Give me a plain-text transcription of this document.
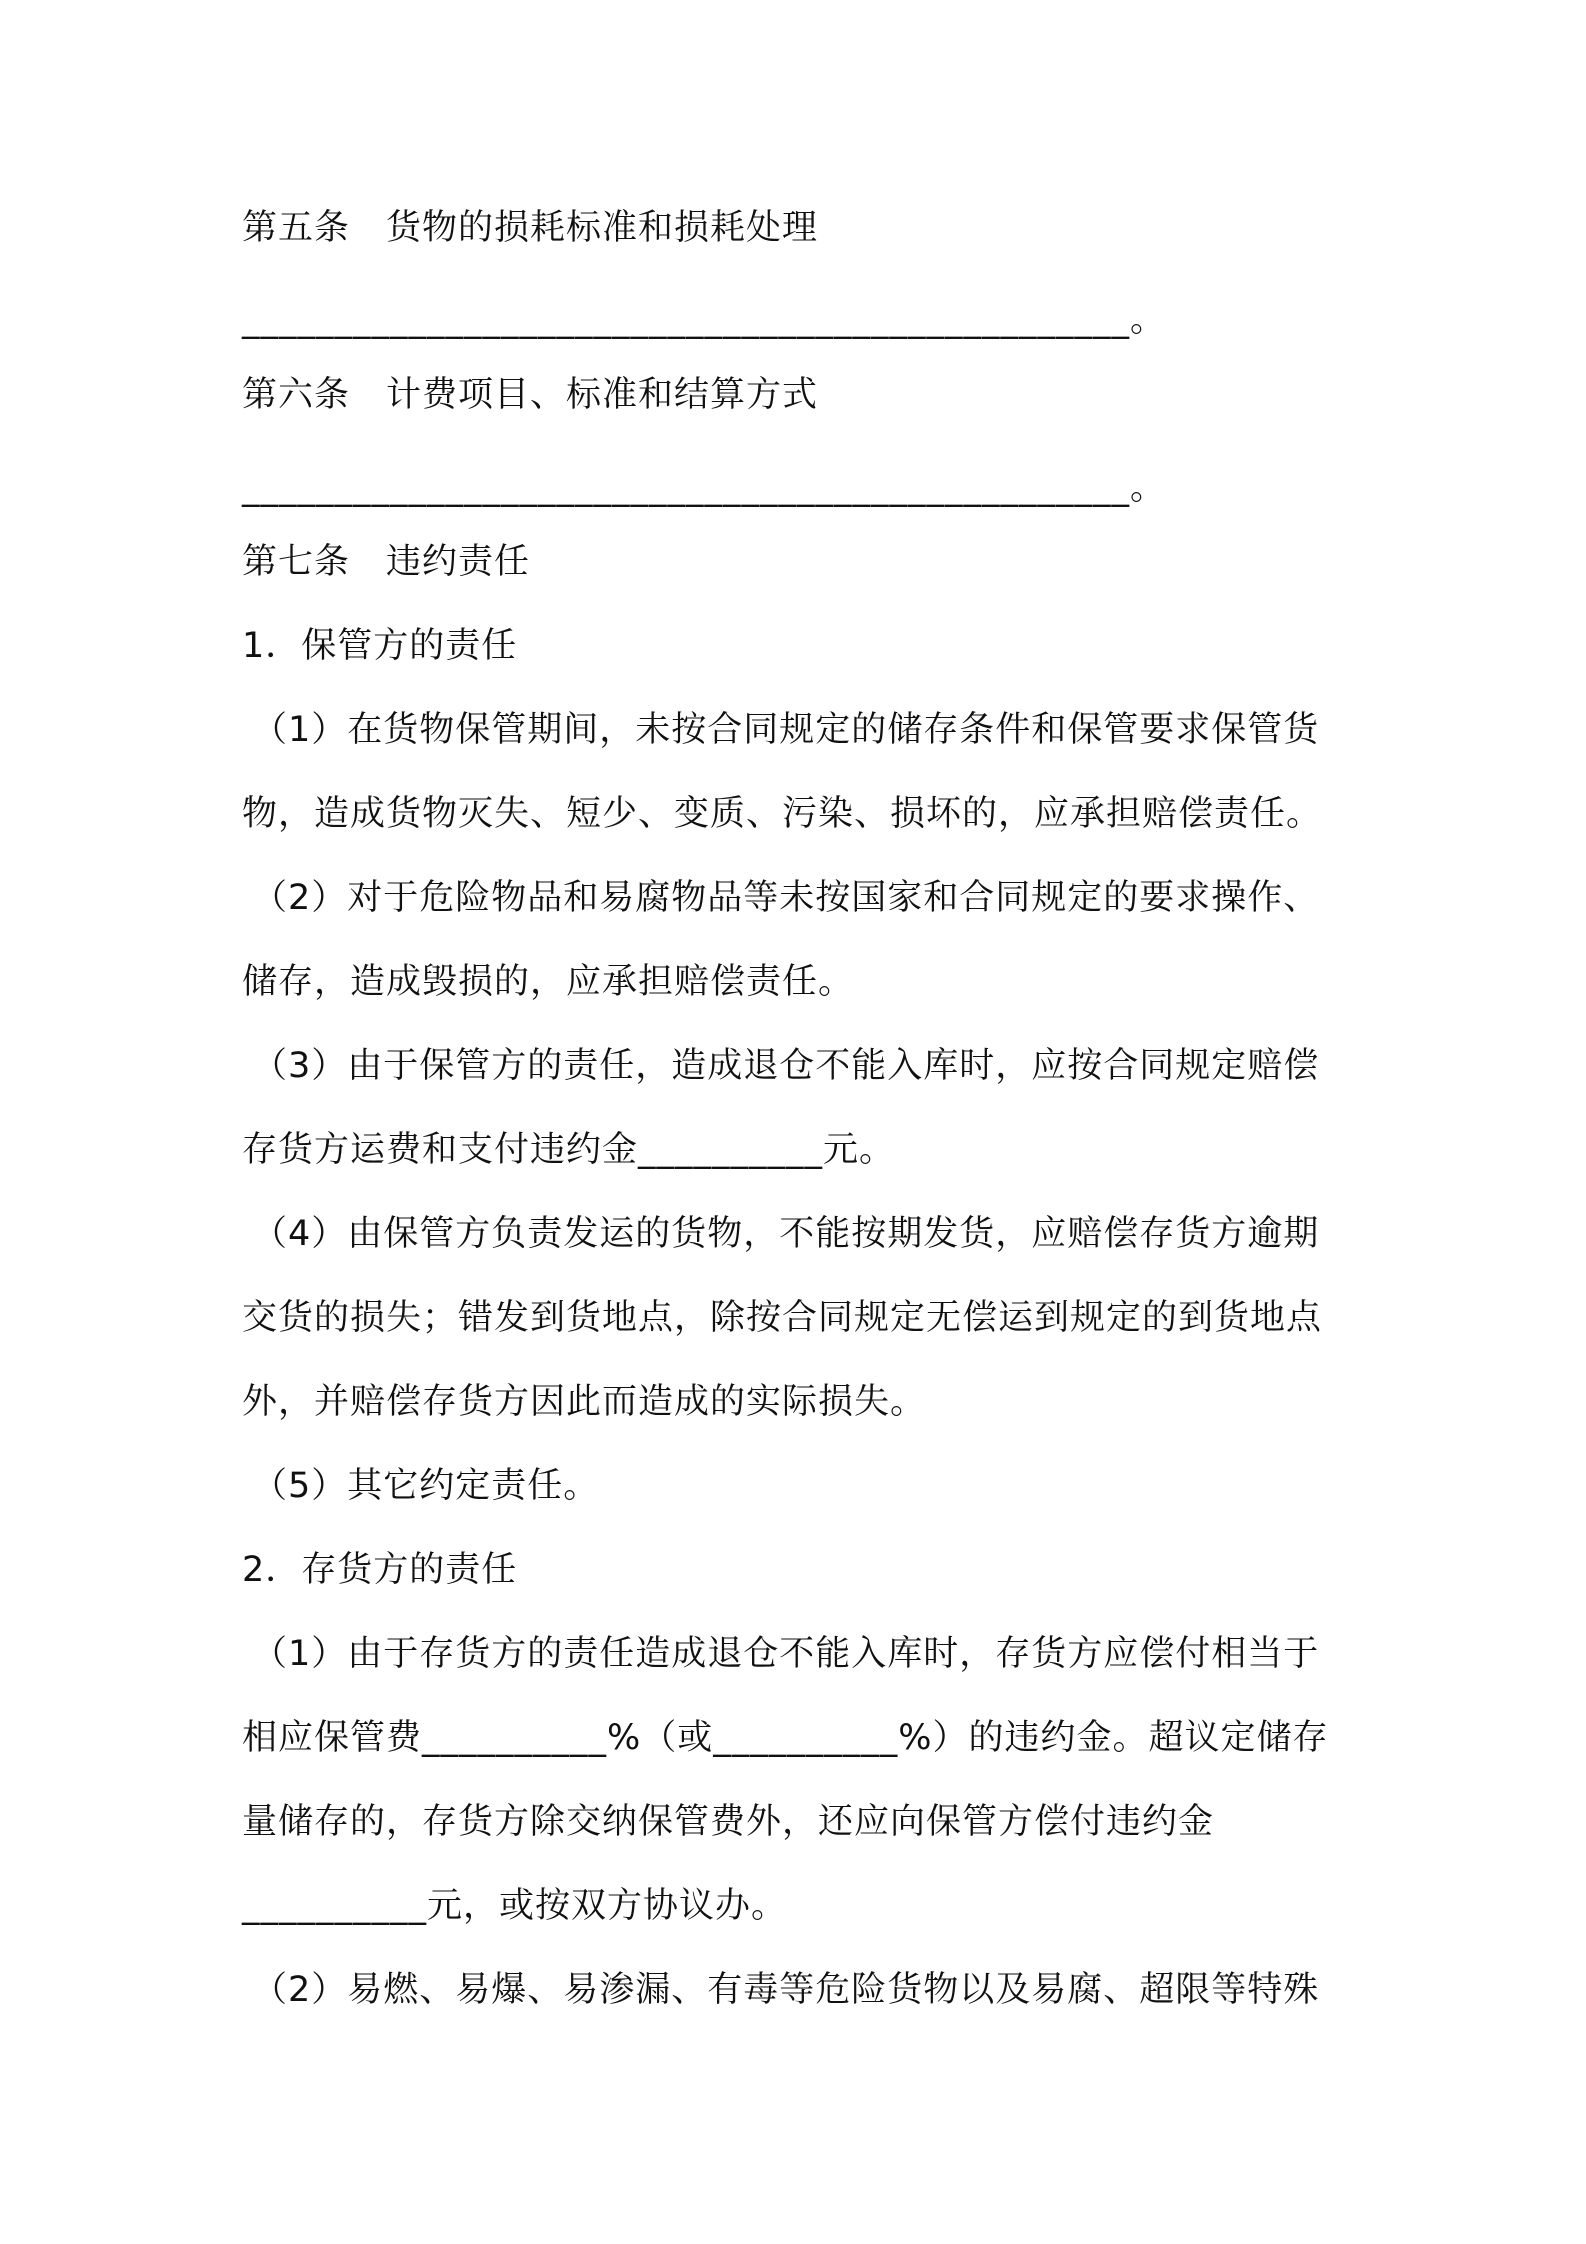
第五条　货物的损耗标准和损耗处理
________________________________________________。
第六条　计费项目、标准和结算方式
________________________________________________。
第七条　违约责任
1．保管方的责任
（1）在货物保管期间，未按合同规定的储存条件和保管要求保管货
物，造成货物灭失、短少、变质、污染、损坏的，应承担赔偿责任。
（2）对于危险物品和易腐物品等未按国家和合同规定的要求操作、
储存，造成毁损的，应承担赔偿责任。
（3）由于保管方的责任，造成退仓不能入库时，应按合同规定赔偿
存货方运费和支付违约金__________元。
（4）由保管方负责发运的货物，不能按期发货，应赔偿存货方逾期
交货的损失；错发到货地点，除按合同规定无偿运到规定的到货地点
外，并赔偿存货方因此而造成的实际损失。
（5）其它约定责任。
2．存货方的责任
（1）由于存货方的责任造成退仓不能入库时，存货方应偿付相当于
相应保管费__________%（或__________%）的违约金。超议定储存
量储存的，存货方除交纳保管费外，还应向保管方偿付违约金
__________元，或按双方协议办。
（2）易燃、易爆、易渗漏、有毒等危险货物以及易腐、超限等特殊
